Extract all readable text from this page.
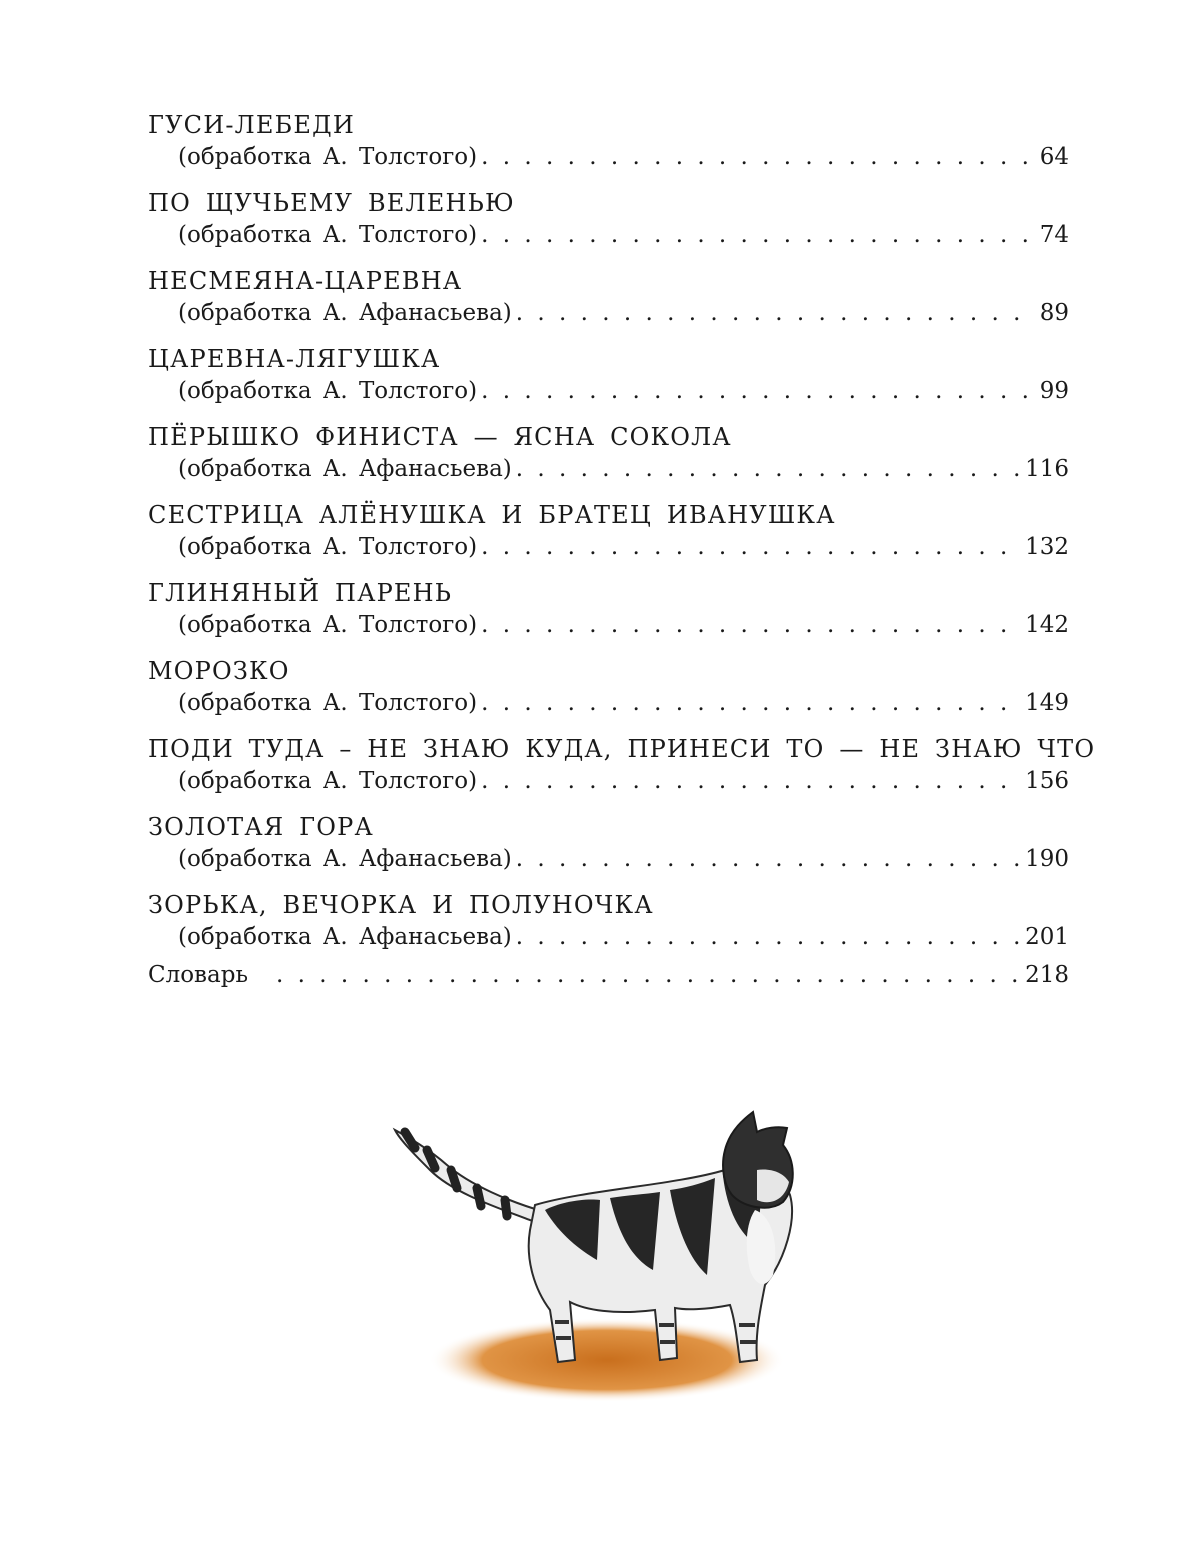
ГУСИ-ЛЕБЕДИ
(обработка А. Толстого) . . .	64
ПО ЩУЧЬЕМУ ВЕЛЕНЬЮ
(обработка А. Толстого) . . .	74
НЕСМЕЯНА-ЦАРЕВНА
(обработка А. Афанасьева) . . .	89
ЦАРЕВНА-ЛЯГУШКА
(обработка А. Толстого) . . .	99
ПЁРЫШКО ФИНИСТА — ЯСНА СОКОЛА
(обработка А. Афанасьева) . . .	116
СЕСТРИЦА АЛЁНУШКА И БРАТЕЦ ИВАНУШКА
(обработка А. Толстого) . . .	132
ГЛИНЯНЫЙ ПАРЕНЬ
(обработка А. Толстого) . . .	142
МОРОЗКО
(обработка А. Толстого) . . .	149
ПОДИ ТУДА – НЕ ЗНАЮ КУДА, ПРИНЕСИ ТО — НЕ ЗНАЮ ЧТО
(обработка А. Толстого) . . .	156
ЗОЛОТАЯ ГОРА
(обработка А. Афанасьева) . . .	190
ЗОРЬКА, ВЕЧОРКА И ПОЛУНОЧКА
(обработка А. Афанасьева) . . .	201
Словарь . . .	218
